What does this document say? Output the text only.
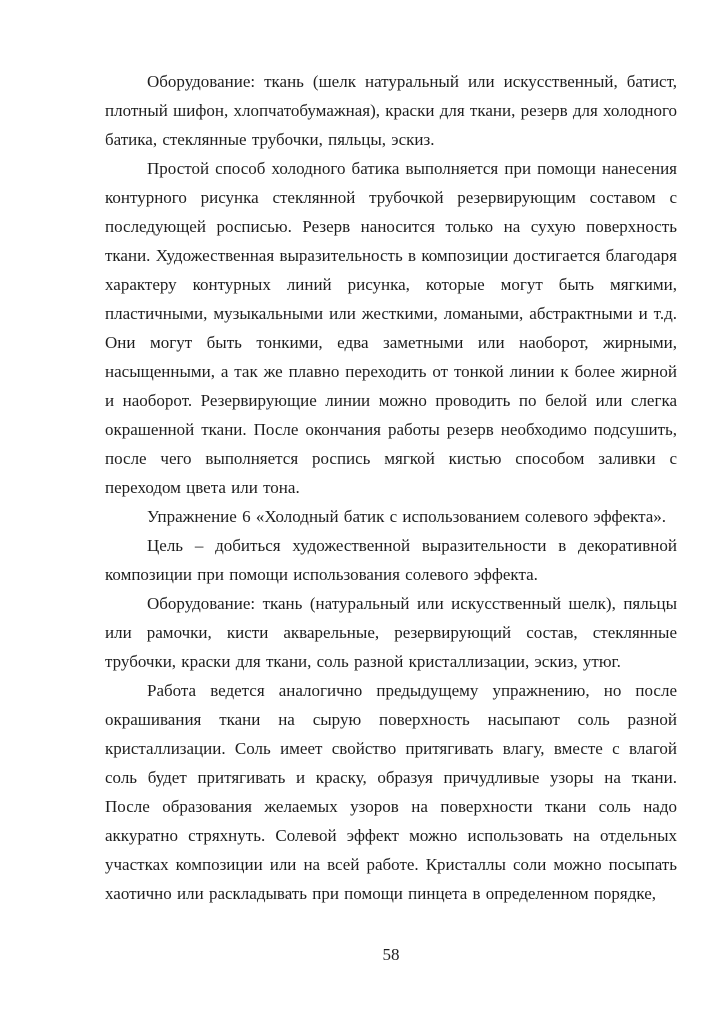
Оборудование: ткань (шелк натуральный или искусственный, батист, плотный шифон, хлопчатобумажная), краски для ткани, резерв для холодного батика, стеклянные трубочки, пяльцы, эскиз.

Простой способ холодного батика выполняется при помощи нанесения контурного рисунка стеклянной трубочкой резервирующим составом с последующей росписью. Резерв наносится только на сухую поверхность ткани. Художественная выразительность в композиции достигается благодаря характеру контурных линий рисунка, которые могут быть мягкими, пластичными, музыкальными или жесткими, ломаными, абстрактными и т.д. Они могут быть тонкими, едва заметными или наоборот, жирными, насыщенными, а так же плавно переходить от тонкой линии к более жирной и наоборот. Резервирующие линии можно проводить по белой или слегка окрашенной ткани. После окончания работы резерв необходимо подсушить, после чего выполняется роспись мягкой кистью способом заливки с переходом цвета или тона.

Упражнение 6 «Холодный батик с использованием солевого эффекта».

Цель – добиться художественной выразительности в декоративной композиции при помощи использования солевого эффекта.

Оборудование: ткань (натуральный или искусственный шелк), пяльцы или рамочки, кисти акварельные, резервирующий состав, стеклянные трубочки, краски для ткани, соль разной кристаллизации, эскиз, утюг.

Работа ведется аналогично предыдущему упражнению, но после окрашивания ткани на сырую поверхность насыпают соль разной кристаллизации. Соль имеет свойство притягивать влагу, вместе с влагой соль будет притягивать и краску, образуя причудливые узоры на ткани. После образования желаемых узоров на поверхности ткани соль надо аккуратно стряхнуть. Солевой эффект можно использовать на отдельных участках композиции или на всей работе. Кристаллы соли можно посыпать хаотично или раскладывать при помощи пинцета в определенном порядке,

58
